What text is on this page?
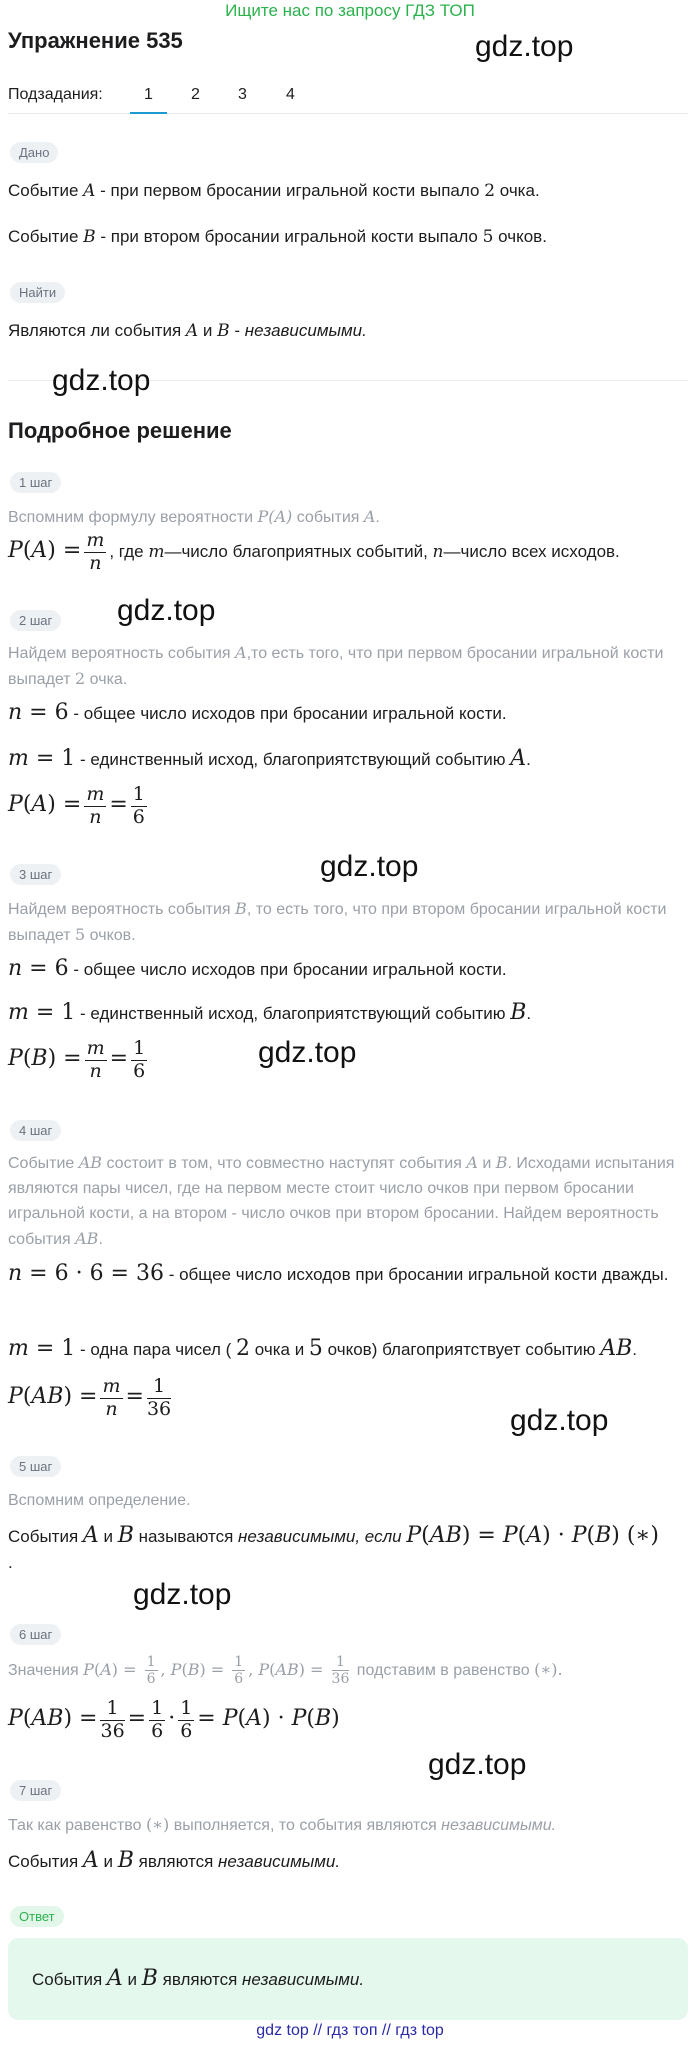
Ищите нас по запросу ГДЗ ТОП
Упражнение 535	gdz.top
Подзадания:	1 2 3 4
Дано
Событие A - при первом бросании игральной кости выпало 2 очка.
Событие B - при втором бросании игральной кости выпало 5 очков.
Найти
Являются ли события A и B - независимыми.
gdz.top
Подробное решение
1 шаг
Вспомним формулу вероятности P(A) события A.
$P(A) = \frac{m}{n}$ , где m—число благоприятных событий, n—число всех исходов.
2 шаг	gdz.top
Найдем вероятность события A,то есть того, что при первом бросании игральной кости выпадет 2 очка.
n = 6 - общее число исходов при бросании игральной кости.
m = 1 - единственный исход, благоприятствующий событию A.
$P(A) = \frac{m}{n} = \frac{1}{6}$
3 шаг	gdz.top
Найдем вероятность события B, то есть того, что при втором бросании игральной кости выпадет 5 очков.
n = 6 - общее число исходов при бросании игральной кости.
m = 1 - единственный исход, благоприятствующий событию B.
$P(B) = \frac{m}{n} = \frac{1}{6}$	gdz.top
4 шаг
Событие AB состоит в том, что совместно наступят события A и B. Исходами испытания являются пары чисел, где на первом месте стоит число очков при первом бросании игральной кости, а на втором - число очков при втором бросании. Найдем вероятность события AB.
n = 6 · 6 = 36 - общее число исходов при бросании игральной кости дважды.
m = 1 - одна пара чисел ( 2 очка и 5 очков) благоприятствует событию AB.
$P(AB) = \frac{m}{n} = \frac{1}{36}$	gdz.top
5 шаг
Вспомним определение.
События A и B называются независимыми, если P(AB) = P(A) · P(B) (∗)
.
gdz.top
6 шаг
Значения $P(A) = \frac{1}{6}$ , $P(B) = \frac{1}{6}$ , $P(AB) = \frac{1}{36}$ подставим в равенство (∗).
$P(AB) = \frac{1}{36} = \frac{1}{6} \cdot \frac{1}{6} = P(A) \cdot P(B)$
gdz.top
7 шаг
Так как равенство (∗) выполняется, то события являются независимыми.
События A и B являются независимыми.
Ответ
События A и B являются независимыми.
gdz top // гдз топ // гдз top
